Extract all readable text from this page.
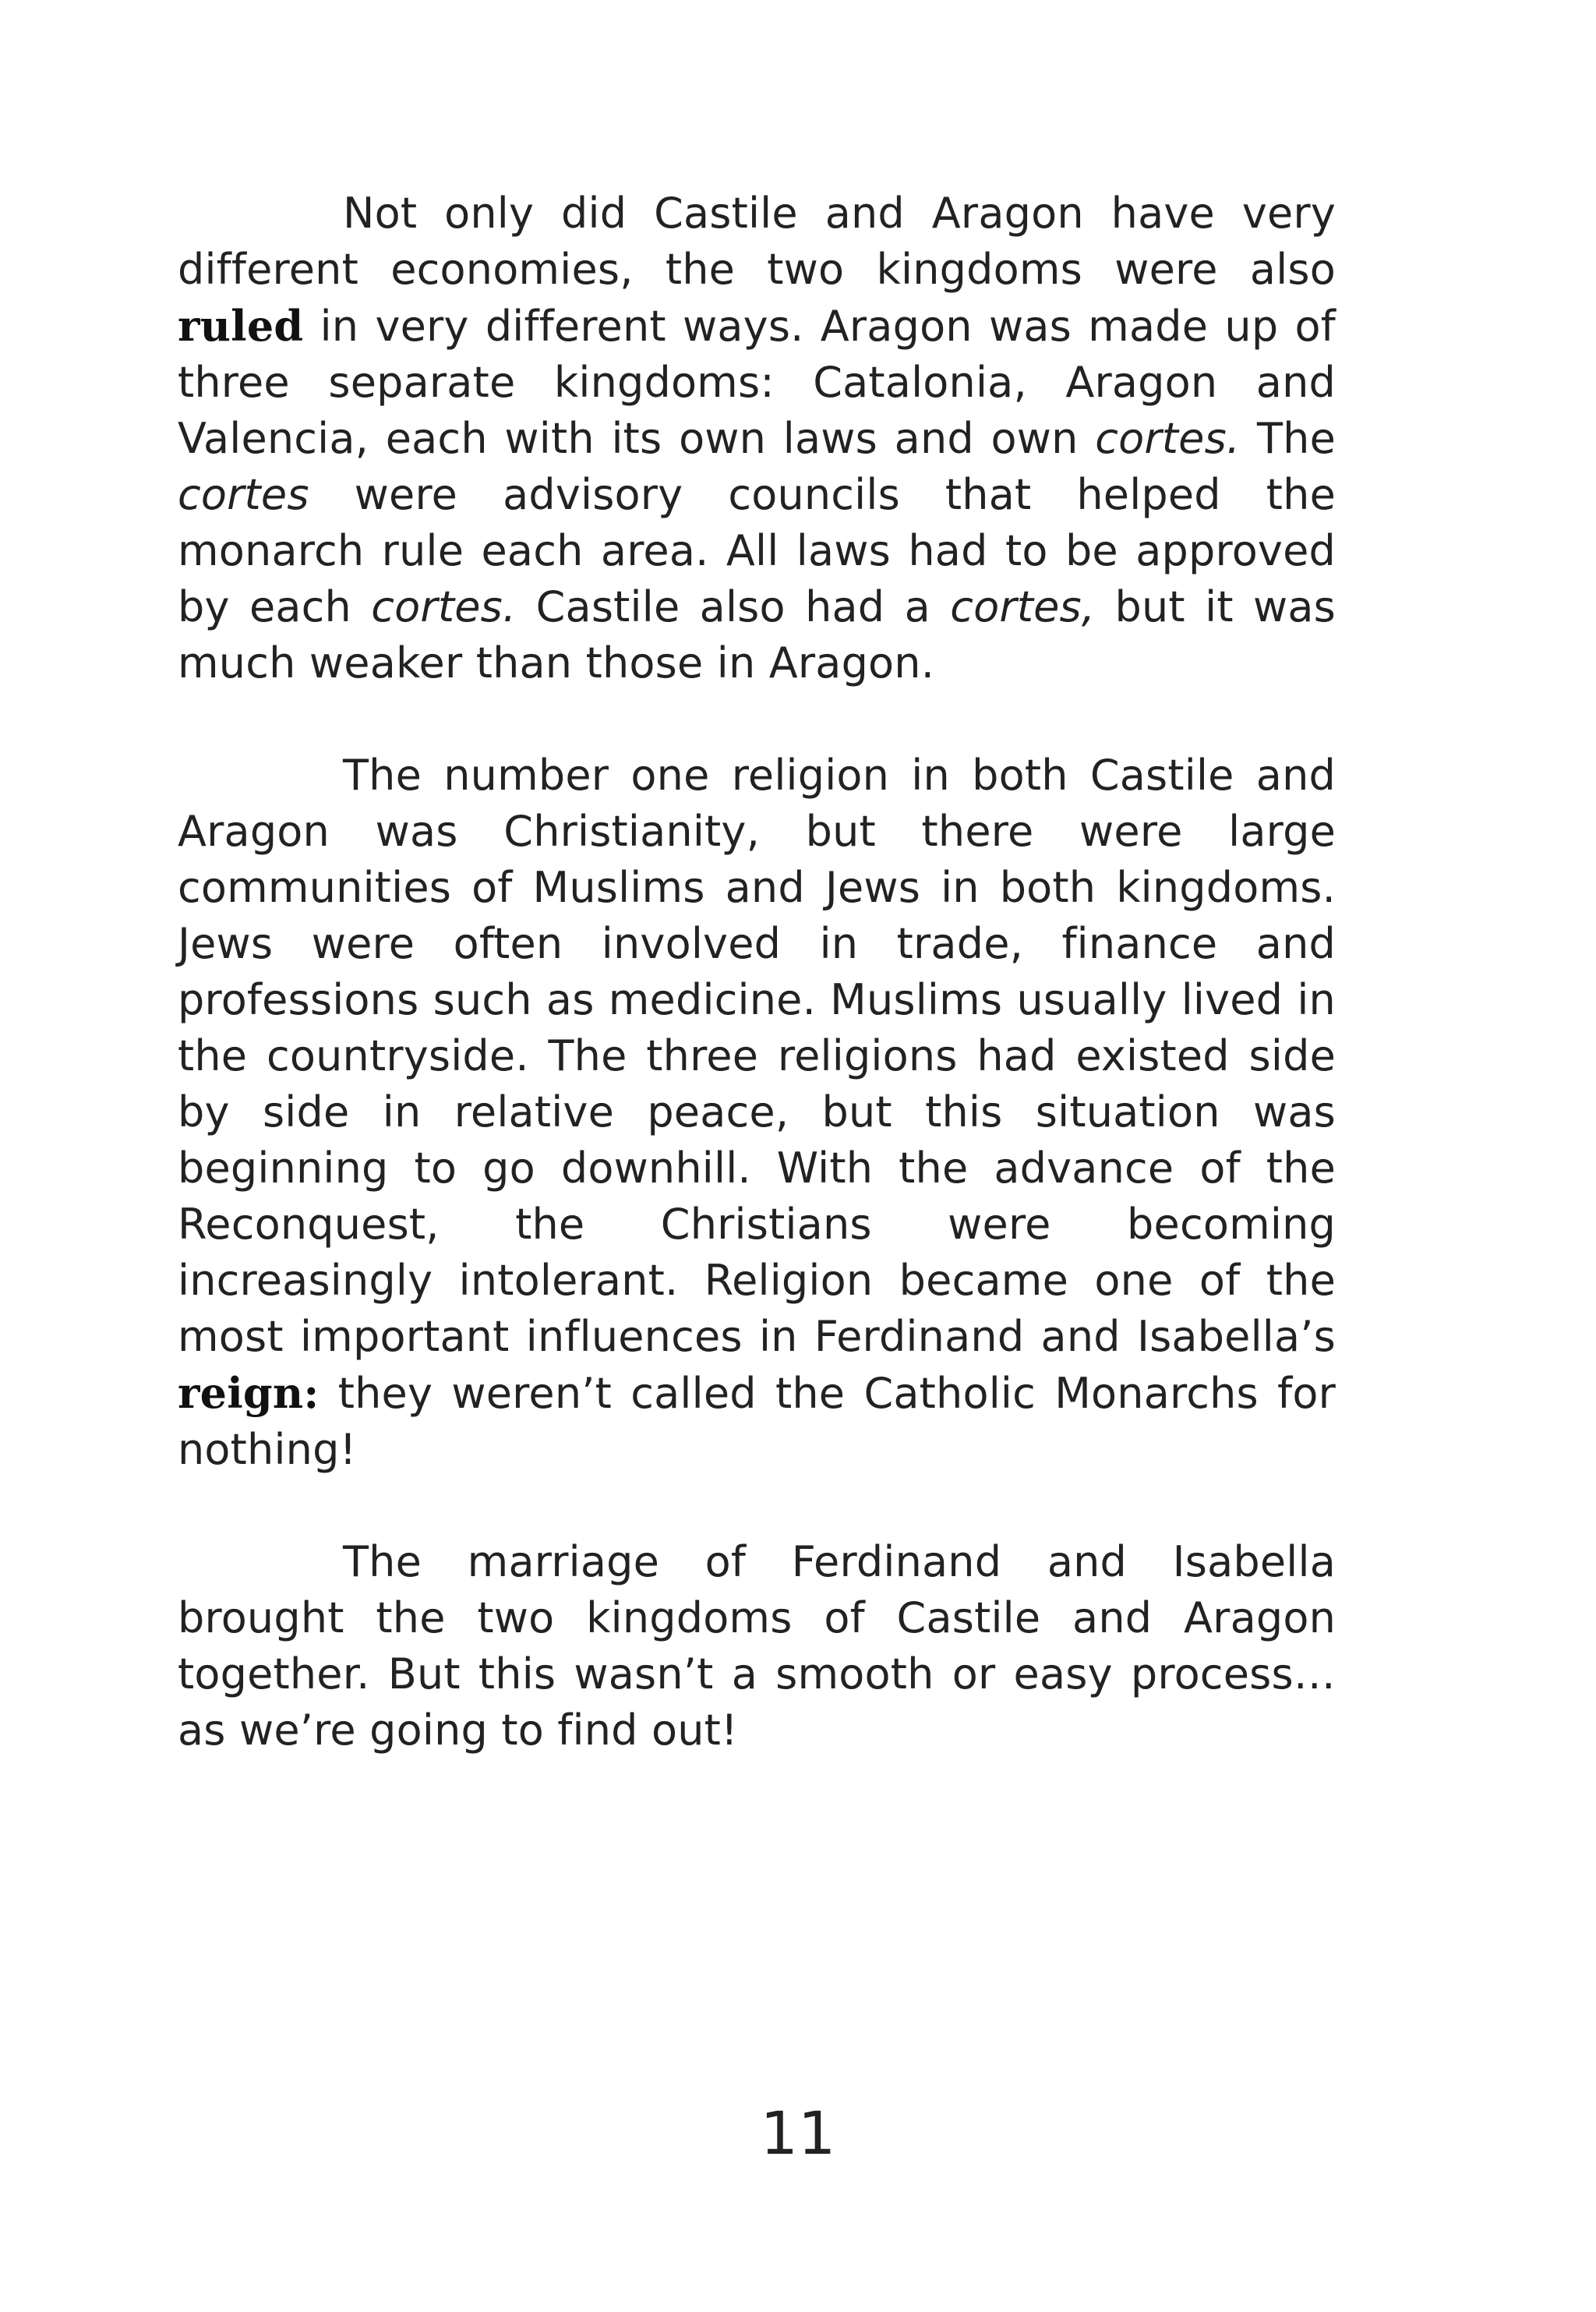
Not only did Castile and Aragon have very different economies, the two kingdoms were also ruled in very different ways. Aragon was made up of three separate kingdoms: Catalonia, Aragon and Valencia, each with its own laws and own cortes. The cortes were advisory councils that helped the monarch rule each area. All laws had to be approved by each cortes. Castile also had a cortes, but it was much weaker than those in Aragon.

The number one religion in both Castile and Aragon was Christianity, but there were large communities of Muslims and Jews in both kingdoms. Jews were often involved in trade, finance and professions such as medicine. Muslims usually lived in the countryside. The three religions had existed side by side in relative peace, but this situation was beginning to go downhill. With the advance of the Reconquest, the Christians were becoming increasingly intolerant. Religion became one of the most important influences in Ferdinand and Isabella’s reign: they weren’t called the Catholic Monarchs for nothing!

The marriage of Ferdinand and Isabella brought the two kingdoms of Castile and Aragon together. But this wasn’t a smooth or easy process…as we’re going to find out!

11
